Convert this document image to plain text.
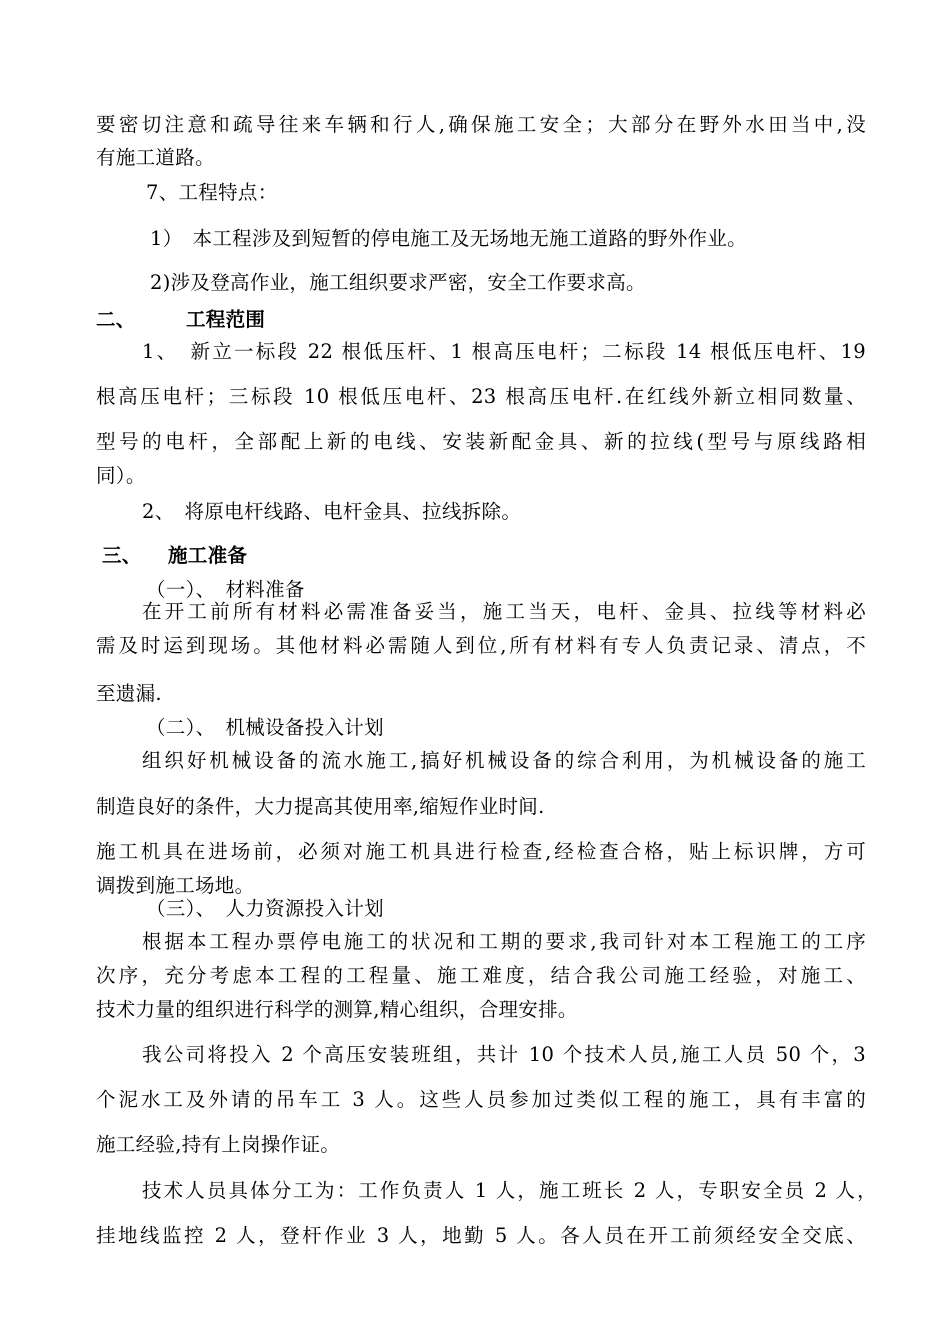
要密切注意和疏导往来车辆和行人,确保施工安全；大部分在野外水田当中,没
有施工道路。
7、工程特点：
1）　本工程涉及到短暂的停电施工及无场地无施工道路的野外作业。
2)涉及登高作业，施工组织要求严密，安全工作要求高。
二、	工程范围
1、　新立一标段 22 根低压杆、1 根高压电杆；二标段 14 根低压电杆、19
根高压电杆；三标段 10 根低压电杆、23 根高压电杆.在红线外新立相同数量、
型号的电杆，全部配上新的电线、安装新配金具、新的拉线(型号与原线路相
同）。
2、　将原电杆线路、电杆金具、拉线拆除。
三、 施工准备
（一）、　材料准备
在开工前所有材料必需准备妥当，施工当天，电杆、金具、拉线等材料必
需及时运到现场。其他材料必需随人到位,所有材料有专人负责记录、清点，不
至遗漏.
（二）、　机械设备投入计划
组织好机械设备的流水施工,搞好机械设备的综合利用，为机械设备的施工
制造良好的条件，大力提高其使用率,缩短作业时间.
施工机具在进场前，必须对施工机具进行检查,经检查合格，贴上标识牌，方可
调拨到施工场地。
（三）、　人力资源投入计划
根据本工程办票停电施工的状况和工期的要求,我司针对本工程施工的工序
次序，充分考虑本工程的工程量、施工难度，结合我公司施工经验，对施工、
技术力量的组织进行科学的测算,精心组织，合理安排。
我公司将投入 2 个高压安装班组，共计 10 个技术人员,施工人员 50 个，3
个泥水工及外请的吊车工 3 人。这些人员参加过类似工程的施工，具有丰富的
施工经验,持有上岗操作证。
技术人员具体分工为：工作负责人 1 人，施工班长 2 人，专职安全员 2 人，
挂地线监控 2 人，登杆作业 3 人，地勤 5 人。各人员在开工前须经安全交底、
